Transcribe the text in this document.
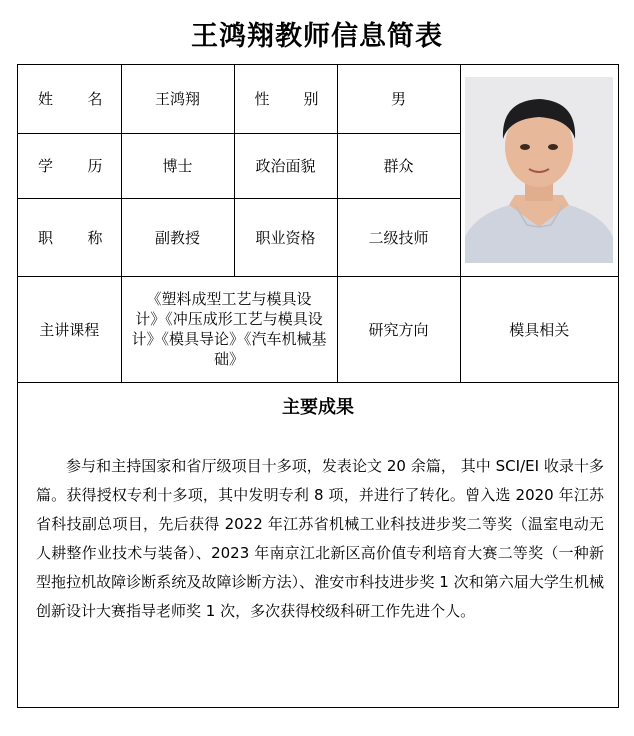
王鸿翔教师信息简表
姓 名	王鸿翔	性 别	男	

学 历	博士	政治面貌	群众	

职 称	副教授	职业资格	二级技师	
主讲课程	《塑料成型工艺与模具设计》《冲压成形工艺与模具设计》《模具导论》《汽车机械基础》		研究方向	模具相关
主要成果

参与和主持国家和省厅级项目十多项，发表论文 20 余篇， 其中 SCI/EI 收录十多篇。获得授权专利十多项，其中发明专利 8 项，并进行了转化。曾入选 2020 年江苏省科技副总项目，先后获得 2022 年江苏省机械工业科技进步奖二等奖（温室电动无人耕整作业技术与装备）、2023 年南京江北新区高价值专利培育大赛二等奖（一种新型拖拉机故障诊断系统及故障诊断方法）、淮安市科技进步奖 1 次和第六届大学生机械创新设计大赛指导老师奖 1 次，多次获得校级科研工作先进个人。
